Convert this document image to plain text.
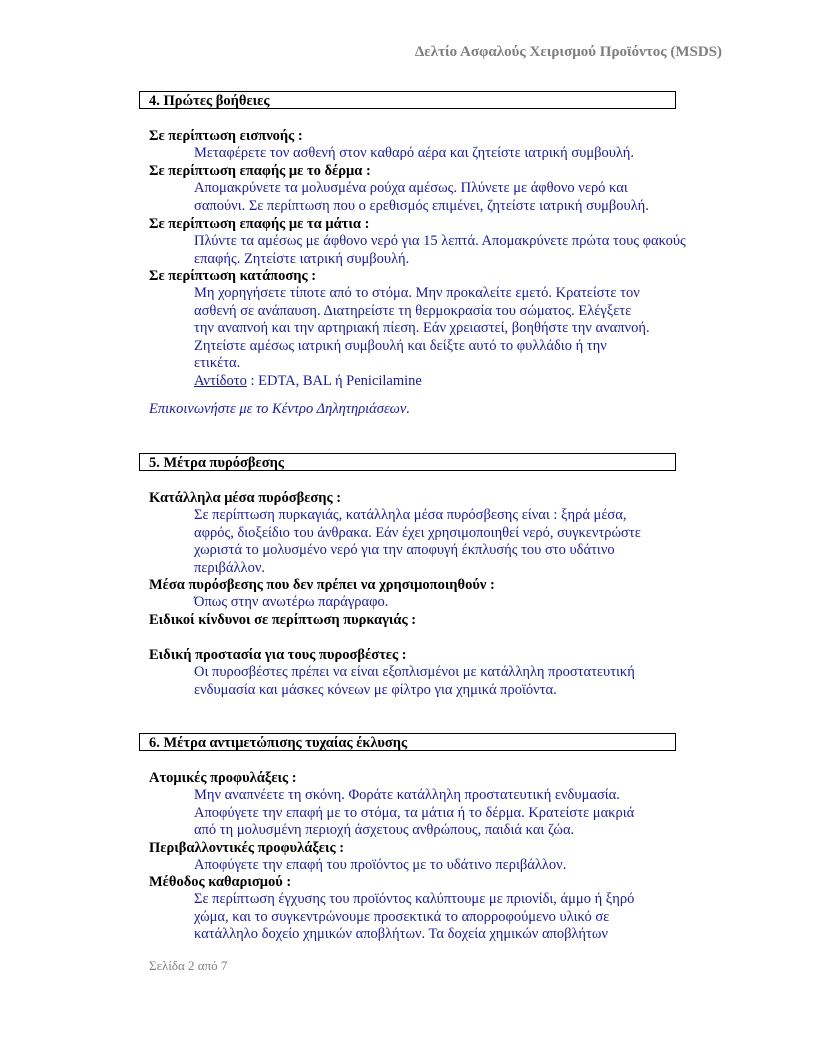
Δελτίο Ασφαλούς Χειρισμού Προϊόντος (MSDS)
4. Πρώτες βοήθειες
Σε περίπτωση εισπνοής :
Μεταφέρετε τον ασθενή στον καθαρό αέρα και ζητείστε ιατρική συμβουλή.
Σε περίπτωση επαφής με το δέρμα :
Απομακρύνετε τα μολυσμένα ρούχα αμέσως. Πλύνετε με άφθονο νερό και
σαπούνι. Σε περίπτωση που ο ερεθισμός επιμένει, ζητείστε ιατρική συμβουλή.
Σε περίπτωση επαφής με τα μάτια :
Πλύντε τα αμέσως με άφθονο νερό για 15 λεπτά. Απομακρύνετε πρώτα τους φακούς
επαφής. Ζητείστε ιατρική συμβουλή.
Σε περίπτωση κατάποσης :
Μη χορηγήσετε τίποτε από το στόμα. Μην προκαλείτε εμετό. Κρατείστε τον
ασθενή σε ανάπαυση. Διατηρείστε τη θερμοκρασία του σώματος. Ελέγξετε
την αναπνοή και την αρτηριακή πίεση. Εάν χρειαστεί, βοηθήστε την αναπνοή.
Ζητείστε αμέσως ιατρική συμβουλή και δείξτε αυτό το φυλλάδιο ή την
ετικέτα.
Αντίδοτο : EDTA, BAL ή Penicilamine
Επικοινωνήστε με το Κέντρο Δηλητηριάσεων.
5. Μέτρα πυρόσβεσης
Κατάλληλα μέσα πυρόσβεσης :
Σε περίπτωση πυρκαγιάς, κατάλληλα μέσα πυρόσβεσης είναι : ξηρά μέσα,
αφρός, διοξείδιο του άνθρακα. Εάν έχει χρησιμοποιηθεί νερό, συγκεντρώστε
χωριστά το μολυσμένο νερό για την αποφυγή έκπλυσής του στο υδάτινο
περιβάλλον.
Μέσα πυρόσβεσης που δεν πρέπει να χρησιμοποιηθούν :
Όπως στην ανωτέρω παράγραφο.
Ειδικοί κίνδυνοι σε περίπτωση πυρκαγιάς :
Ειδική προστασία για τους πυροσβέστες :
Οι πυροσβέστες πρέπει να είναι εξοπλισμένοι με κατάλληλη προστατευτική
ενδυμασία και μάσκες κόνεων με φίλτρο για χημικά προϊόντα.
6. Μέτρα αντιμετώπισης τυχαίας έκλυσης
Ατομικές προφυλάξεις :
Μην αναπνέετε τη σκόνη. Φοράτε κατάλληλη προστατευτική ενδυμασία.
Αποφύγετε την επαφή με το στόμα, τα μάτια ή το δέρμα. Κρατείστε μακριά
από τη μολυσμένη περιοχή άσχετους ανθρώπους, παιδιά και ζώα.
Περιβαλλοντικές προφυλάξεις :
Αποφύγετε την επαφή του προϊόντος με το υδάτινο περιβάλλον.
Μέθοδος καθαρισμού :
Σε περίπτωση έγχυσης του προϊόντος καλύπτουμε με πριονίδι, άμμο ή ξηρό
χώμα, και το συγκεντρώνουμε προσεκτικά το απορροφούμενο υλικό σε
κατάλληλο δοχείο χημικών αποβλήτων. Τα δοχεία χημικών αποβλήτων
Σελίδα 2 από 7
